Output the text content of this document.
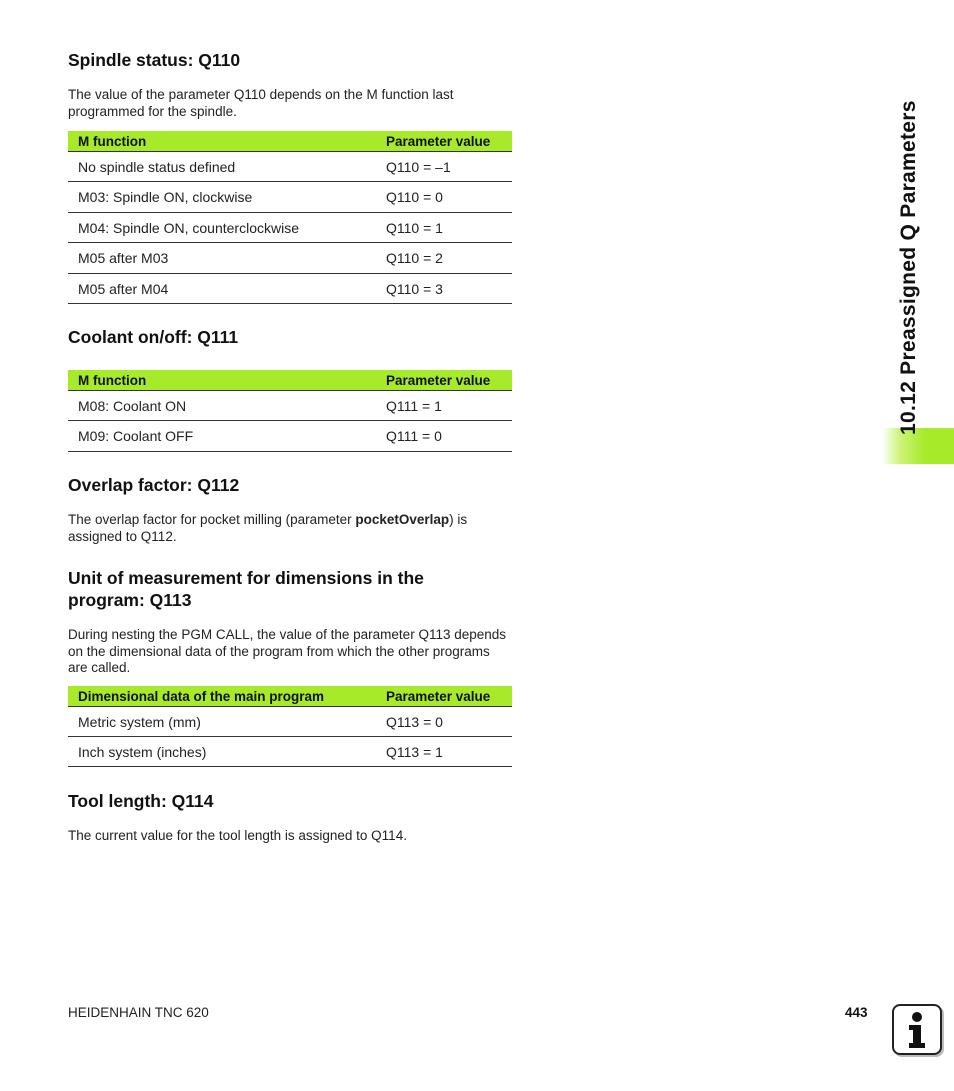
10.12 Preassigned Q Parameters
Spindle status: Q110

The value of the parameter Q110 depends on the M function last programmed for the spindle.

M function	Parameter value
No spindle status defined	Q110 = –1
M03: Spindle ON, clockwise	Q110 = 0
M04: Spindle ON, counterclockwise	Q110 = 1
M05 after M03	Q110 = 2
M05 after M04	Q110 = 3
Coolant on/off: Q111
M function	Parameter value
M08: Coolant ON	Q111 = 1
M09: Coolant OFF	Q111 = 0
Overlap factor: Q112

The overlap factor for pocket milling (parameter pocketOverlap) is assigned to Q112.

Unit of measurement for dimensions in the
program: Q113

During nesting the PGM CALL, the value of the parameter Q113 depends on the dimensional data of the program from which the other programs are called.

Dimensional data of the main program	Parameter value
Metric system (mm)	Q113 = 0
Inch system (inches)	Q113 = 1
Tool length: Q114

The current value for the tool length is assigned to Q114.

HEIDENHAIN TNC 620	443
